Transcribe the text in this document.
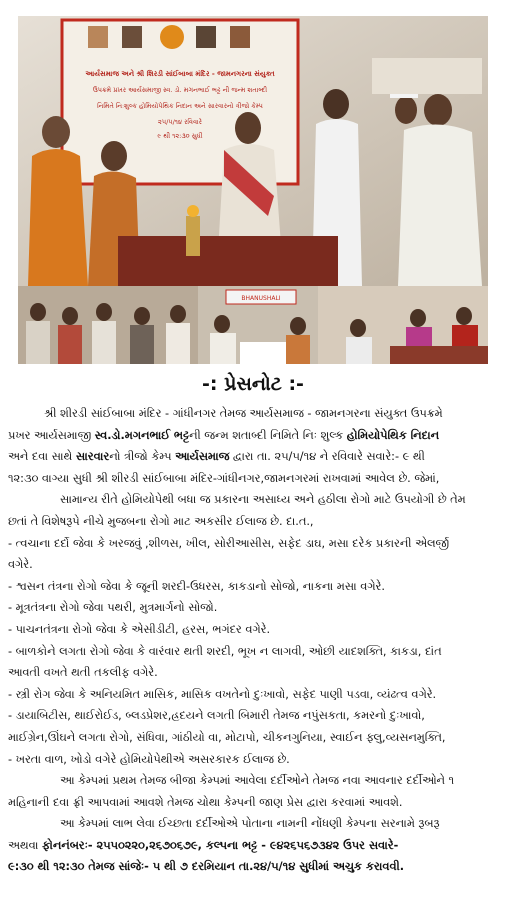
આર્યસમાજ અને શ્રી શિરડી સાંઈબાબા મંદિર - જામનગરના સંયુક્ત
ઉપક્રમે પ્રખર આર્યસમાજી સ્વ. ડો. મગનભાઈ ભટ્ટ ની જન્મ શતાબ્દી
નિમિતે નિઃશુલ્ક હોમિયોપેથિક નિદાન અને સારવારનો ત્રીજો કેમ્પ
૨૫/૫/૧૪ રવિવારે
૯ થી ૧૨:૩૦ સુધી
BHANUSHALI
-: પ્રેસનોટ :-

શ્રી શીરડી સાંઈબાબા મંદિર - ગાંધીનગર તેમજ આર્યસમાજ - જામનગરના સંયુક્ત ઉપક્રમે

પ્રખર આર્યસમાજી સ્વ.ડો.મગનભાઈ ભટ્ટની જન્મ શતાબ્દી નિમિતે નિઃ શુલ્ક હોમિયોપેથિક નિદાન

અને દવા સાથે સારવારનો ત્રીજો કેમ્પ આર્યસમાજ દ્વારા તા. ૨૫/૫/૧૪ ને રવિવારે સવારે:- ૯ થી

૧૨:૩૦ વાગ્યા સુધી શ્રી શીરડી સાંઈબાબા મંદિર-ગાંધીનગર,જામનગરમાં રાખવામાં આવેલ છે. જેમાં,

સામાન્ય રીતે હોમિયોપેથી બધા જ પ્રકારના અસાધ્ય અને હઠીલા રોગો માટે ઉપયોગી છે તેમ

છતાં તે વિશેષરૂપે નીચે મુજબના રોગો માટ અકસીર ઈલાજ છે. દા.ત.,

- ત્વચાના દર્દો જેવા કે ખરજવું ,શીળસ, ખીલ, સોરીઆસીસ, સફેદ ડાઘ, મસા દરેક પ્રકારની એલર્જી

વગેરે.

- શ્વસન તંત્રના રોગો જેવા કે જૂની શરદી-ઉધરસ, કાકડાનો સોજો, નાકના મસા વગેરે.

- મૂત્રતંત્રના રોગો જેવા પથરી, મુત્રમાર્ગનો સોજો.

- પાચનતંત્રના રોગો જેવા કે એસીડીટી, હરસ, ભગંદર વગેરે.

- બાળકોને લગતા રોગો જેવા કે વારંવાર થતી શરદી, ભૂખ ન લાગવી, ઓછી યાદશક્તિ, કાકડા, દાંત

આવતી વખતે થતી તકલીફ વગેરે.

- સ્ત્રી રોગ જેવા કે અનિયમિત માસિક, માસિક વખતેનો દુઃખાવો, સફેદ પાણી પડવા, વ્યંઢત્વ વગેરે.

- ડાયાબિટીસ, થાઈરોઈડ, બ્લડપ્રેશર,હ્રદયને લગતી બિમારી તેમજ નપુંસકતા, કમરનો દુઃખાવો,

માઈગ્રેન,ઊંઘને લગતા રોગો, સંધિવા, ગાંઠીયો વા, મોટાપો, ચીકનગુનિયા, સ્વાઈન ફ્લુ,વ્યસનમુક્તિ,

- ખરતા વાળ, ખોડો વગેરે હોમિયોપેથીએ અસરકારક ઈલાજ છે.

આ કેમ્પમાં પ્રથમ તેમજ બીજા કેમ્પમાં આવેલા દર્દીઓને તેમજ નવા આવનાર દર્દીઓને ૧

મહિનાની દવા ફ્રી આપવામાં આવશે તેમજ ચોથા કેમ્પની જાણ પ્રેસ દ્વારા કરવામાં આવશે.

આ કેમ્પમાં લાભ લેવા ઈચ્છતા દર્દીઓએ પોતાના નામની નોંધણી કેમ્પના સરનામે રૂબરૂ

અથવા ફોનનંબરઃ- ૨૫૫૦૨૨૦,૨૬૭૦૬૭૯, કલ્પના ભટ્ટ - ૯૪૨૬૫૬૭૩૪૨ ઉપર સવારે-

૯:૩૦ થી ૧૨:૩૦ તેમજ સાંજેઃ- ૫ થી ૭ દરમિયાન તા.૨૪/૫/૧૪ સુધીમાં અચુક કરાવવી.
